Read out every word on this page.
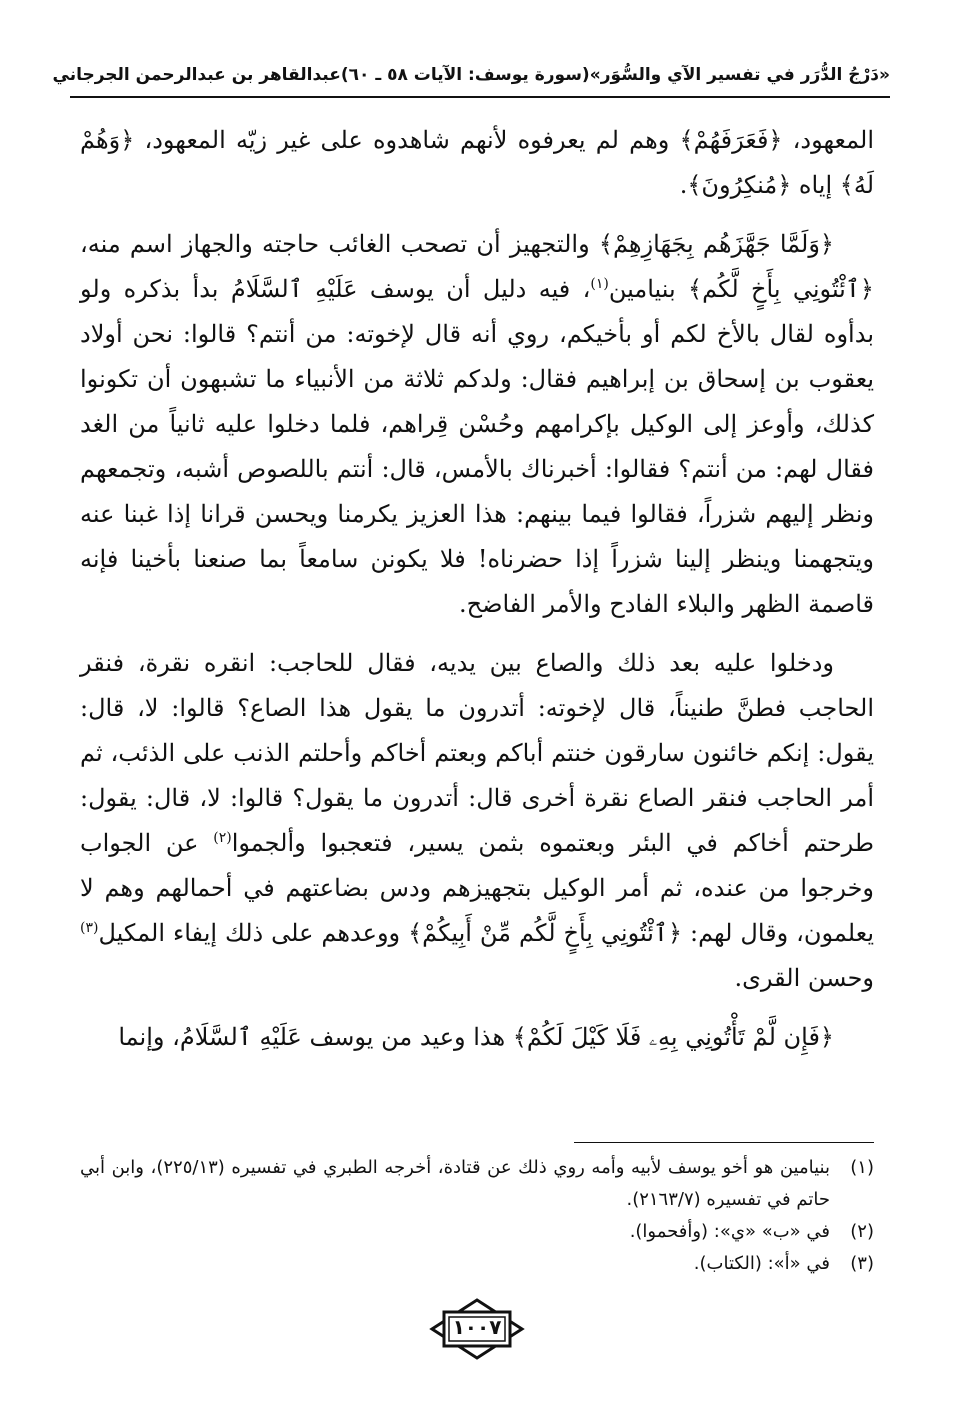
«دَرْجُ الدُّرَر في تفسير الآي والسُّوَر»
(سورة يوسف: الآيات ٥٨ ـ ٦٠)
عبدالقاهر بن عبدالرحمن الجرجاني

المعهود، ﴿فَعَرَفَهُمْ﴾ وهم لم يعرفوه لأنهم شاهدوه على غير زيّه المعهود، ﴿وَهُمْ لَهُ﴾ إياه ﴿مُنكِرُونَ﴾.

﴿وَلَمَّا جَهَّزَهُم بِجَهَازِهِمْ﴾ والتجهيز أن تصحب الغائب حاجته والجهاز اسم منه، ﴿ٱئْتُونِي بِأَخٍ لَّكُم﴾ بنيامين$^{(١)}$، فيه دليل أن يوسف عَلَيْهِ ٱلسَّلَامُ بدأ بذكره ولو بدأوه لقال بالأخ لكم أو بأخيكم، روي أنه قال لإخوته: من أنتم؟ قالوا: نحن أولاد يعقوب بن إسحاق بن إبراهيم فقال: ولدكم ثلاثة من الأنبياء ما تشبهون أن تكونوا كذلك، وأوعز إلى الوكيل بإكرامهم وحُسْن قِراهم، فلما دخلوا عليه ثانياً من الغد فقال لهم: من أنتم؟ فقالوا: أخبرناك بالأمس، قال: أنتم باللصوص أشبه، وتجمعهم ونظر إليهم شزراً، فقالوا فيما بينهم: هذا العزيز يكرمنا ويحسن قرانا إذا غبنا عنه ويتجهمنا وينظر إلينا شزراً إذا حضرناه! فلا يكونن سامعاً بما صنعنا بأخينا فإنه قاصمة الظهر والبلاء الفادح والأمر الفاضح.

ودخلوا عليه بعد ذلك والصاع بين يديه، فقال للحاجب: انقره نقرة، فنقر الحاجب فطنَّ طنيناً، قال لإخوته: أتدرون ما يقول هذا الصاع؟ قالوا: لا، قال: يقول: إنكم خائنون سارقون خنتم أباكم وبعتم أخاكم وأحلتم الذنب على الذئب، ثم أمر الحاجب فنقر الصاع نقرة أخرى قال: أتدرون ما يقول؟ قالوا: لا، قال: يقول: طرحتم أخاكم في البئر وبعتموه بثمن يسير، فتعجبوا وألجموا$^{(٢)}$ عن الجواب وخرجوا من عنده، ثم أمر الوكيل بتجهيزهم ودس بضاعتهم في أحمالهم وهم لا يعلمون، وقال لهم: ﴿ٱئْتُونِي بِأَخٍ لَّكُم مِّنْ أَبِيكُمْ﴾ ووعدهم على ذلك إيفاء المكيل$^{(٣)}$ وحسن القرى.

﴿فَإِن لَّمْ تَأْتُونِي بِهِۦ فَلَا كَيْلَ لَكُمْ﴾ هذا وعيد من يوسف عَلَيْهِ ٱلسَّلَامُ، وإنما

(١)
بنيامين هو أخو يوسف لأبيه وأمه روي ذلك عن قتادة، أخرجه الطبري في تفسيره (٢٢٥/١٣)، وابن أبي حاتم في تفسيره (٢١٦٣/٧).
(٢)
في «ب» «ي»: (وأفحموا).
(٣)
في «أ»: (الكتاب).
١٠٠٧
